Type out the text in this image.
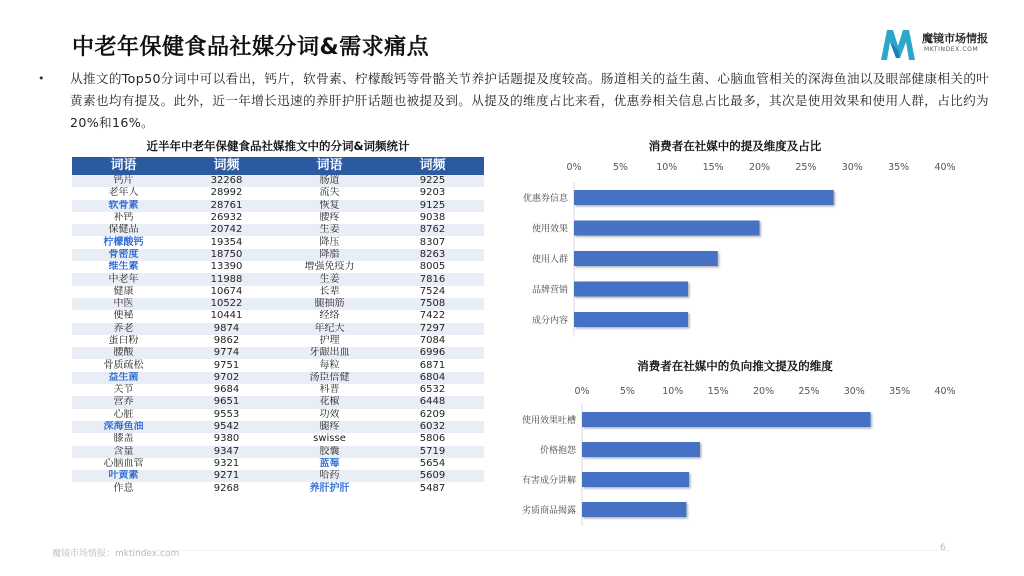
中老年保健食品社媒分词&需求痛点	魔镜市场情报
MKTINDEX.COM
• 从推文的Top50分词中可以看出，钙片，软骨素、柠檬酸钙等骨骼关节养护话题提及度较高。肠道相关的益生菌、心脑血管相关的深海鱼油以及眼部健康相关的叶黄素也均有提及。此外，近一年增长迅速的养肝护肝话题也被提及到。从提及的维度占比来看，优惠券相关信息占比最多，其次是使用效果和使用人群，占比约为20%和16%。
近半年中老年保健食品社媒推文中的分词&词频统计
词语	词频	词语	词频
钙片	32268	肠道	9225
老年人	28992	流失	9203
软骨素	28761	恢复	9125
补钙	26932	腰疼	9038
保健品	20742	生姜	8762
柠檬酸钙	19354	降压	8307
骨密度	18750	降脂	8263
维生素	13390	增强免疫力	8005
中老年	11988	生姜	7816
健康	10674	长辈	7524
中医	10522	腿抽筋	7508
便秘	10441	经络	7422
养老	9874	年纪大	7297
蛋白粉	9862	护理	7084
腰酸	9774	牙龈出血	6996
骨质疏松	9751	每粒	6871
益生菌	9702	汤臣倍健	6804
关节	9684	科普	6532
营养	9651	花椒	6448
心脏	9553	功效	6209
深海鱼油	9542	腿疼	6032
膝盖	9380	swisse	5806
含量	9347	胶囊	5719
心脑血管	9321	蓝莓	5654
叶黄素	9271	哈药	5609
作息	9268	养肝护肝	5487
消费者在社媒中的提及维度及占比
0%	5%	10%	15%	20%	25%	30%	35%	40%
优惠券信息
使用效果
使用人群
品牌营销
成分内容
消费者在社媒中的负向推文提及的维度
0%	5%	10%	15%	20%	25%	30%	35%	40%
使用效果吐槽
价格抱怨
有害成分讲解
劣质商品揭露
魔镜市场情报：mktindex.com
6
